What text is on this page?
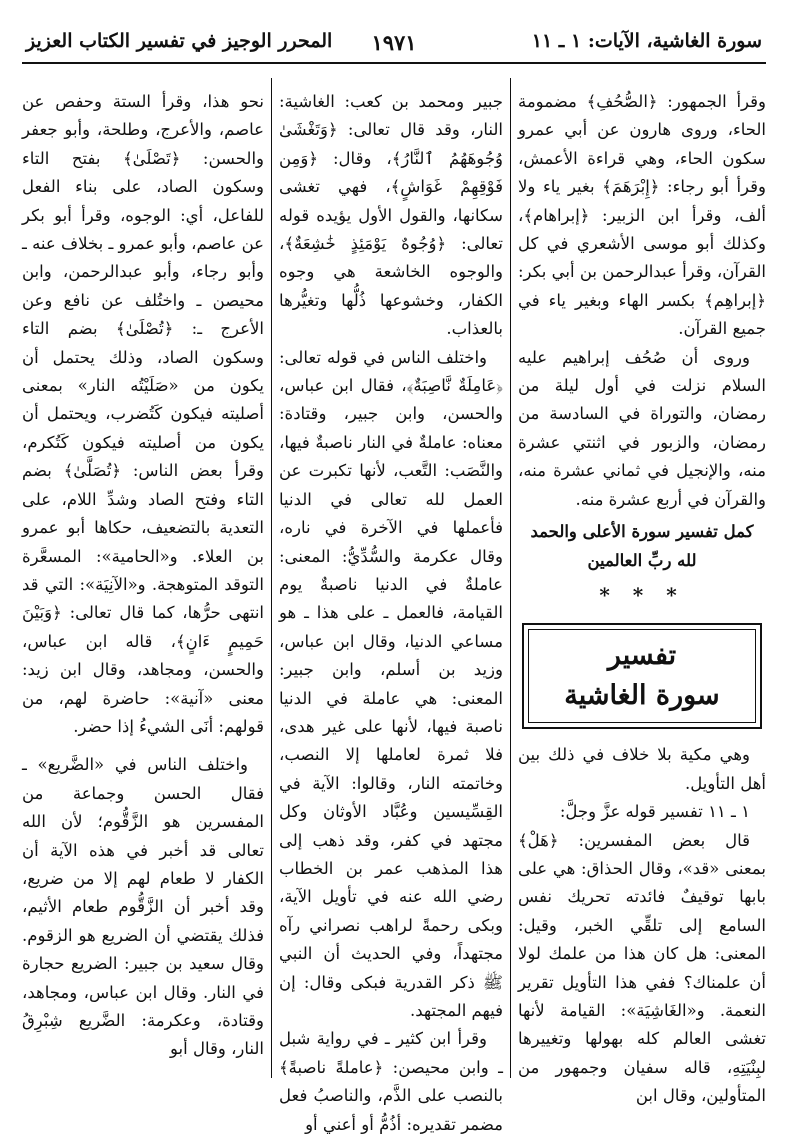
سورة الغاشية، الآيات: ١ ـ ١١
١٩٧١
المحرر الوجيز في تفسير الكتاب العزيز

وقرأ الجمهور: ﴿الصُّحُفِ﴾ مضمومة الحاء، وروى هارون عن أبي عمرو سكون الحاء، وهي قراءة الأعمش، وقرأ أبو رجاء: ﴿إِبْرَهَمَ﴾ بغير ياء ولا ألف، وقرأ ابن الزبير: ﴿إبراهام﴾، وكذلك أبو موسى الأشعري في كل القرآن، وقرأ عبدالرحمن بن أبي بكر: ﴿إبراهِم﴾ بكسر الهاء وبغير ياء في جميع القرآن.

وروى أن صُحُف إبراهيم عليه السلام نزلت في أول ليلة من رمضان، والتوراة في السادسة من رمضان، والزبور في اثنتي عشرة منه، والإنجيل في ثماني عشرة منه، والقرآن في أربع عشرة منه.

كمل تفسير سورة الأعلى والحمد لله ربِّ العالمين

* * *
تفسير
سورة الغاشية

وهي مكية بلا خلاف في ذلك بين أهل التأويل.

١ ـ ١١ تفسير قوله عزَّ وجلَّ:

قال بعض المفسرين: ﴿هَلْ﴾ بمعنى «قد»، وقال الحذاق: هي على بابها توقيفٌ فائدته تحريك نفس السامع إلى تلقِّي الخبر، وقيل: المعنى: هل كان هذا من علمك لولا أن علمناك؟ ففي هذا التأويل تقرير النعمة. و«الغَاشِيَة»: القيامة لأنها تغشى العالم كله بهولها وتغييرها لبِنْيَتِهِ، قاله سفيان وجمهور من المتأولين، وقال ابن

جبير ومحمد بن كعب: الغاشية: النار، وقد قال تعالى: ﴿وَتَغْشَىٰ وُجُوهَهُمُ ٱلنَّارُ﴾، وقال: ﴿وَمِن فَوْقِهِمْ غَوَاشٍ﴾، فهي تغشى سكانها، والقول الأول يؤيده قوله تعالى: ﴿وُجُوهٌ يَوْمَئِذٍ خَٰشِعَةٌ﴾، والوجوه الخاشعة هي وجوه الكفار، وخشوعها ذُلُّها وتغيُّرها بالعذاب.

واختلف الناس في قوله تعالى: ﴿عَامِلَةٌ نَّاصِبَةٌ﴾، فقال ابن عباس، والحسن، وابن جبير، وقتادة: معناه: عاملةٌ في النار ناصبةٌ فيها، والنَّصَب: التَّعب، لأنها تكبرت عن العمل لله تعالى في الدنيا فأعملها في الآخرة في ناره، وقال عكرمة والسُّدِّيُّ: المعنى: عاملةٌ في الدنيا ناصبةٌ يوم القيامة، فالعمل ـ على هذا ـ هو مساعي الدنيا، وقال ابن عباس، وزيد بن أسلم، وابن جبير: المعنى: هي عاملة في الدنيا ناصبة فيها، لأنها على غير هدى، فلا ثمرة لعاملها إلا النصب، وخاتمته النار، وقالوا: الآية في القِسِّيسين وعُبَّاد الأوثان وكل مجتهد في كفر، وقد ذهب إلى هذا المذهب عمر بن الخطاب رضي الله عنه في تأويل الآية، وبكى رحمةً لراهب نصراني رآه مجتهداً، وفي الحديث أن النبي ﷺ ذكر القدرية فبكى وقال: إن فيهم المجتهد.

وقرأ ابن كثير ـ في رواية شبل ـ وابن محيصن: ﴿عاملةً ناصبةً﴾ بالنصب على الذَّم، والناصبُ فعل مضمر تقديره: أذُمُّ أو أعني أو

نحو هذا، وقرأ الستة وحفص عن عاصم، والأعرج، وطلحة، وأبو جعفر والحسن: ﴿تَصْلَىٰ﴾ بفتح التاء وسكون الصاد، على بناء الفعل للفاعل، أي: الوجوه، وقرأ أبو بكر عن عاصم، وأبو عمرو ـ بخلاف عنه ـ وأبو رجاء، وأبو عبدالرحمن، وابن محيصن ـ واختُلف عن نافع وعن الأعرج ـ: ﴿تُصْلَىٰ﴾ بضم التاء وسكون الصاد، وذلك يحتمل أن يكون من «صَلَيْتُه النار» بمعنى أصليته فيكون كَتُضرب، ويحتمل أن يكون من أصليته فيكون كَتُكرم، وقرأ بعض الناس: ﴿تُصَلَّىٰ﴾ بضم التاء وفتح الصاد وشدِّ اللام، على التعدية بالتضعيف، حكاها أبو عمرو بن العلاء. و«الحامية»: المسعَّرة التوقد المتوهجة. و«الآنِيَة»: التي قد انتهى حرُّها، كما قال تعالى: ﴿وَبَيْنَ حَمِيمٍ ءَانٍ﴾، قاله ابن عباس، والحسن، ومجاهد، وقال ابن زيد: معنى «آنية»: حاضرة لهم، من قولهم: أنَى الشيءُ إذا حضر.

واختلف الناس في «الضَّريع» ـ فقال الحسن وجماعة من المفسرين هو الزَّقُّوم؛ لأن الله تعالى قد أخبر في هذه الآية أن الكفار لا طعام لهم إلا من ضريع، وقد أخبر أن الزَّقُّوم طعام الأثيم، فذلك يقتضي أن الضريع هو الزقوم. وقال سعيد بن جبير: الضريع حجارة في النار. وقال ابن عباس، ومجاهد، وقتادة، وعكرمة: الضَّريع شِبْرِقُ النار، وقال أبو
